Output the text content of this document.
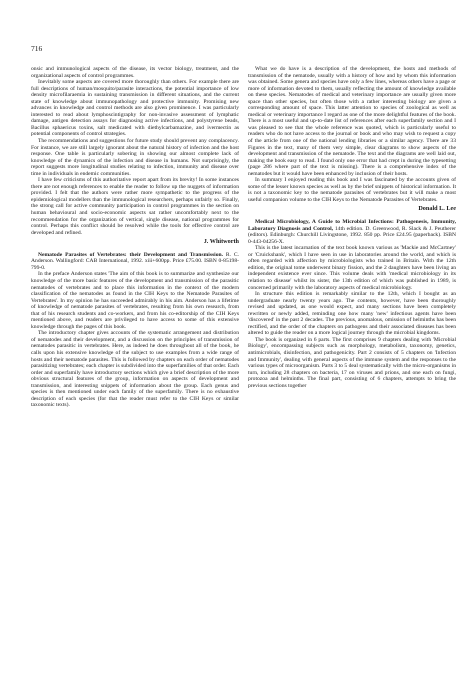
716

onsic and immunological aspects of the disease, its vector biology, treatment, and the organizational aspects of control programmes.

Inevitably some aspects are covered more thoroughly than others. For example there are full descriptions of human/mosquito/parasite interactions, the potential importance of low density microfilaraemia in sustaining transmission in different situations, and the current state of knowledge about immunopathology and protective immunity. Promising new advances in knowledge and control methods are also given prominence. I was particularly interested to read about lymphoscintigraphy for non-invasive assessment of lymphatic damage, antigen detection assays for diagnosing active infections, and polystyrene beads, Bacillus sphaericus toxins, salt medicated with diethylcarbamazine, and ivermectin as potential components of control strategies.

The recommendations and suggestions for future study should prevent any complacency. For instance, we are still largely ignorant about the natural history of infection and the host response. One table is particularly sobering in showing our almost complete lack of knowledge of the dynamics of the infection and disease in humans. Not surprisingly, the report suggests more longitudinal studies relating to infection, immunity and disease over time in individuals in endemic communities.

I have few criticisms of this authoritative report apart from its brevity! In some instances there are not enough references to enable the reader to follow up the nuggets of information provided. I felt that the authors were rather more sympathetic to the progress of the epidemiological modellers than the immunological researchers, perhaps unfairly so. Finally, the strong call for active community participation in control programmes in the section on human behavioural and socio-economic aspects sat rather uncomfortably next to the recommendation for the organization of vertical, single disease, national programmes for control. Perhaps this conflict should be resolved while the tools for effective control are developed and refined.

J. Whitworth

Nematode Parasites of Vertebrates: their Development and Transmission. R. C. Anderson. Wallingford: CAB International, 1992. xiii+600pp. Price £75.00. ISBN 0-85198-799-0.

In the preface Anderson states 'The aim of this book is to summarize and synthesize our knowledge of the more basic features of the development and transmission of the parasitic nematodes of vertebrates and to place this information in the context of the modern classification of the nematodes as found in the CIH Keys to the Nematode Parasites of Vertebrates'. In my opinion he has succeeded admirably in his aim. Anderson has a lifetime of knowledge of nematode parasites of vertebrates, resulting from his own research, from that of his research students and co-workers, and from his co-editorship of the CIH Keys mentioned above, and readers are privileged to have access to some of this extensive knowledge through the pages of this book.

The introductory chapter gives accounts of the systematic arrangement and distribution of nematodes and their development, and a discussion on the principles of transmission of nematodes parasitic in vertebrates. Here, as indeed he does throughout all of the book, he calls upon his extensive knowledge of the subject to use examples from a wide range of hosts and their nematode parasites. This is followed by chapters on each order of nematodes parasitizing vertebrates; each chapter is subdivided into the superfamilies of that order. Each order and superfamily have introductory sections which give a brief description of the more obvious structural features of the group, information on aspects of development and transmission, and interesting snippets of information about the group. Each genus and species is then mentioned under each family of the superfamily. There is no exhaustive description of each species (for that the reader must refer to the CIH Keys or similar taxonomic texts).

What we do have is a description of the development, the hosts and methods of transmission of the nematode, usually with a history of how and by whom this information was obtained. Some genera and species have only a few lines, whereas others have a page or more of information devoted to them, usually reflecting the amount of knowledge available on these species. Nematodes of medical and veterinary importance are usually given more space than other species, but often those with a rather interesting biology are given a corresponding amount of space. This latter attention to species of zoological as well as medical or veterinary importance I regard as one of the more delightful features of the book. There is a most useful and up-to-date list of references after each superfamily section and I was pleased to see that the whole reference was quoted, which is particularly useful to readers who do not have access to the journal or book and who may wish to request a copy of the article from one of the national lending libraries or a similar agency. There are 33 Figures in the text, many of them very simple, clear diagrams to show aspects of the development and transmission of the nematode. The text and the diagrams are well laid out, making the book easy to read. I found only one error that had crept in during the typesetting (page 286 where part of the text is missing). There is a comprehensive index of the nematodes but it would have been enhanced by inclusion of their hosts.

In summary I enjoyed reading this book and I was fascinated by the accounts given of some of the lesser known species as well as by the brief snippets of historical information. It is not a taxonomic key to the nematode parasites of vertebrates but it will make a most useful companion volume to the CIH Keys to the Nematode Parasites of Vertebrates.

Donald L. Lee

Medical Microbiology, A Guide to Microbial Infections: Pathogenesis, Immunity, Laboratory Diagnosis and Control, 14th edition. D. Greenwood, R. Slack & J. Peutherer (editors). Edinburgh: Churchill Livingstone, 1992. 850 pp. Price £24.95 (paperback). ISBN 0-443-04256-X.

This is the latest incarnation of the text book known various as 'Mackie and McCartney' or 'Cruickshank', which I have seen in use in laboratories around the world, and which is often regarded with affection by microbiologists who trained in Britain. With the 12th edition, the original tome underwent binary fission, and the 2 daughters have been living an independent existence ever since. This volume deals with 'medical microbiology in its relation to disease' whilst its sister, the 13th edition of which was published in 1989, is concerned primarily with the laboratory aspects of medical microbiology.

In structure this edition is remarkably similar to the 12th, which I bought as an undergraduate nearly twenty years ago. The contents, however, have been thoroughly revised and updated, as one would expect, and many sections have been completely rewritten or newly added, reminding one how many 'new' infectious agents have been 'discovered' in the past 2 decades. The previous, anomalous, omission of helminths has been rectified, and the order of the chapters on pathogens and their associated diseases has been altered to guide the reader on a more logical journey through the microbial kingdoms.

The book is organized in 6 parts. The first comprises 9 chapters dealing with 'Microbial Biology', encompassing subjects such as morphology, metabolism, taxonomy, genetics, antimicrobials, disinfection, and pathogenicity. Part 2 consists of 5 chapters on 'Infection and Immunity', dealing with general aspects of the immune system and the responses to the various types of microorganism. Parts 3 to 5 deal systematically with the micro-organisms in turn, including 28 chapters on bacteria, 17 on viruses and prions, and one each on fungi, protozoa and helminths. The final part, consisting of 6 chapters, attempts to bring the previous sections together
